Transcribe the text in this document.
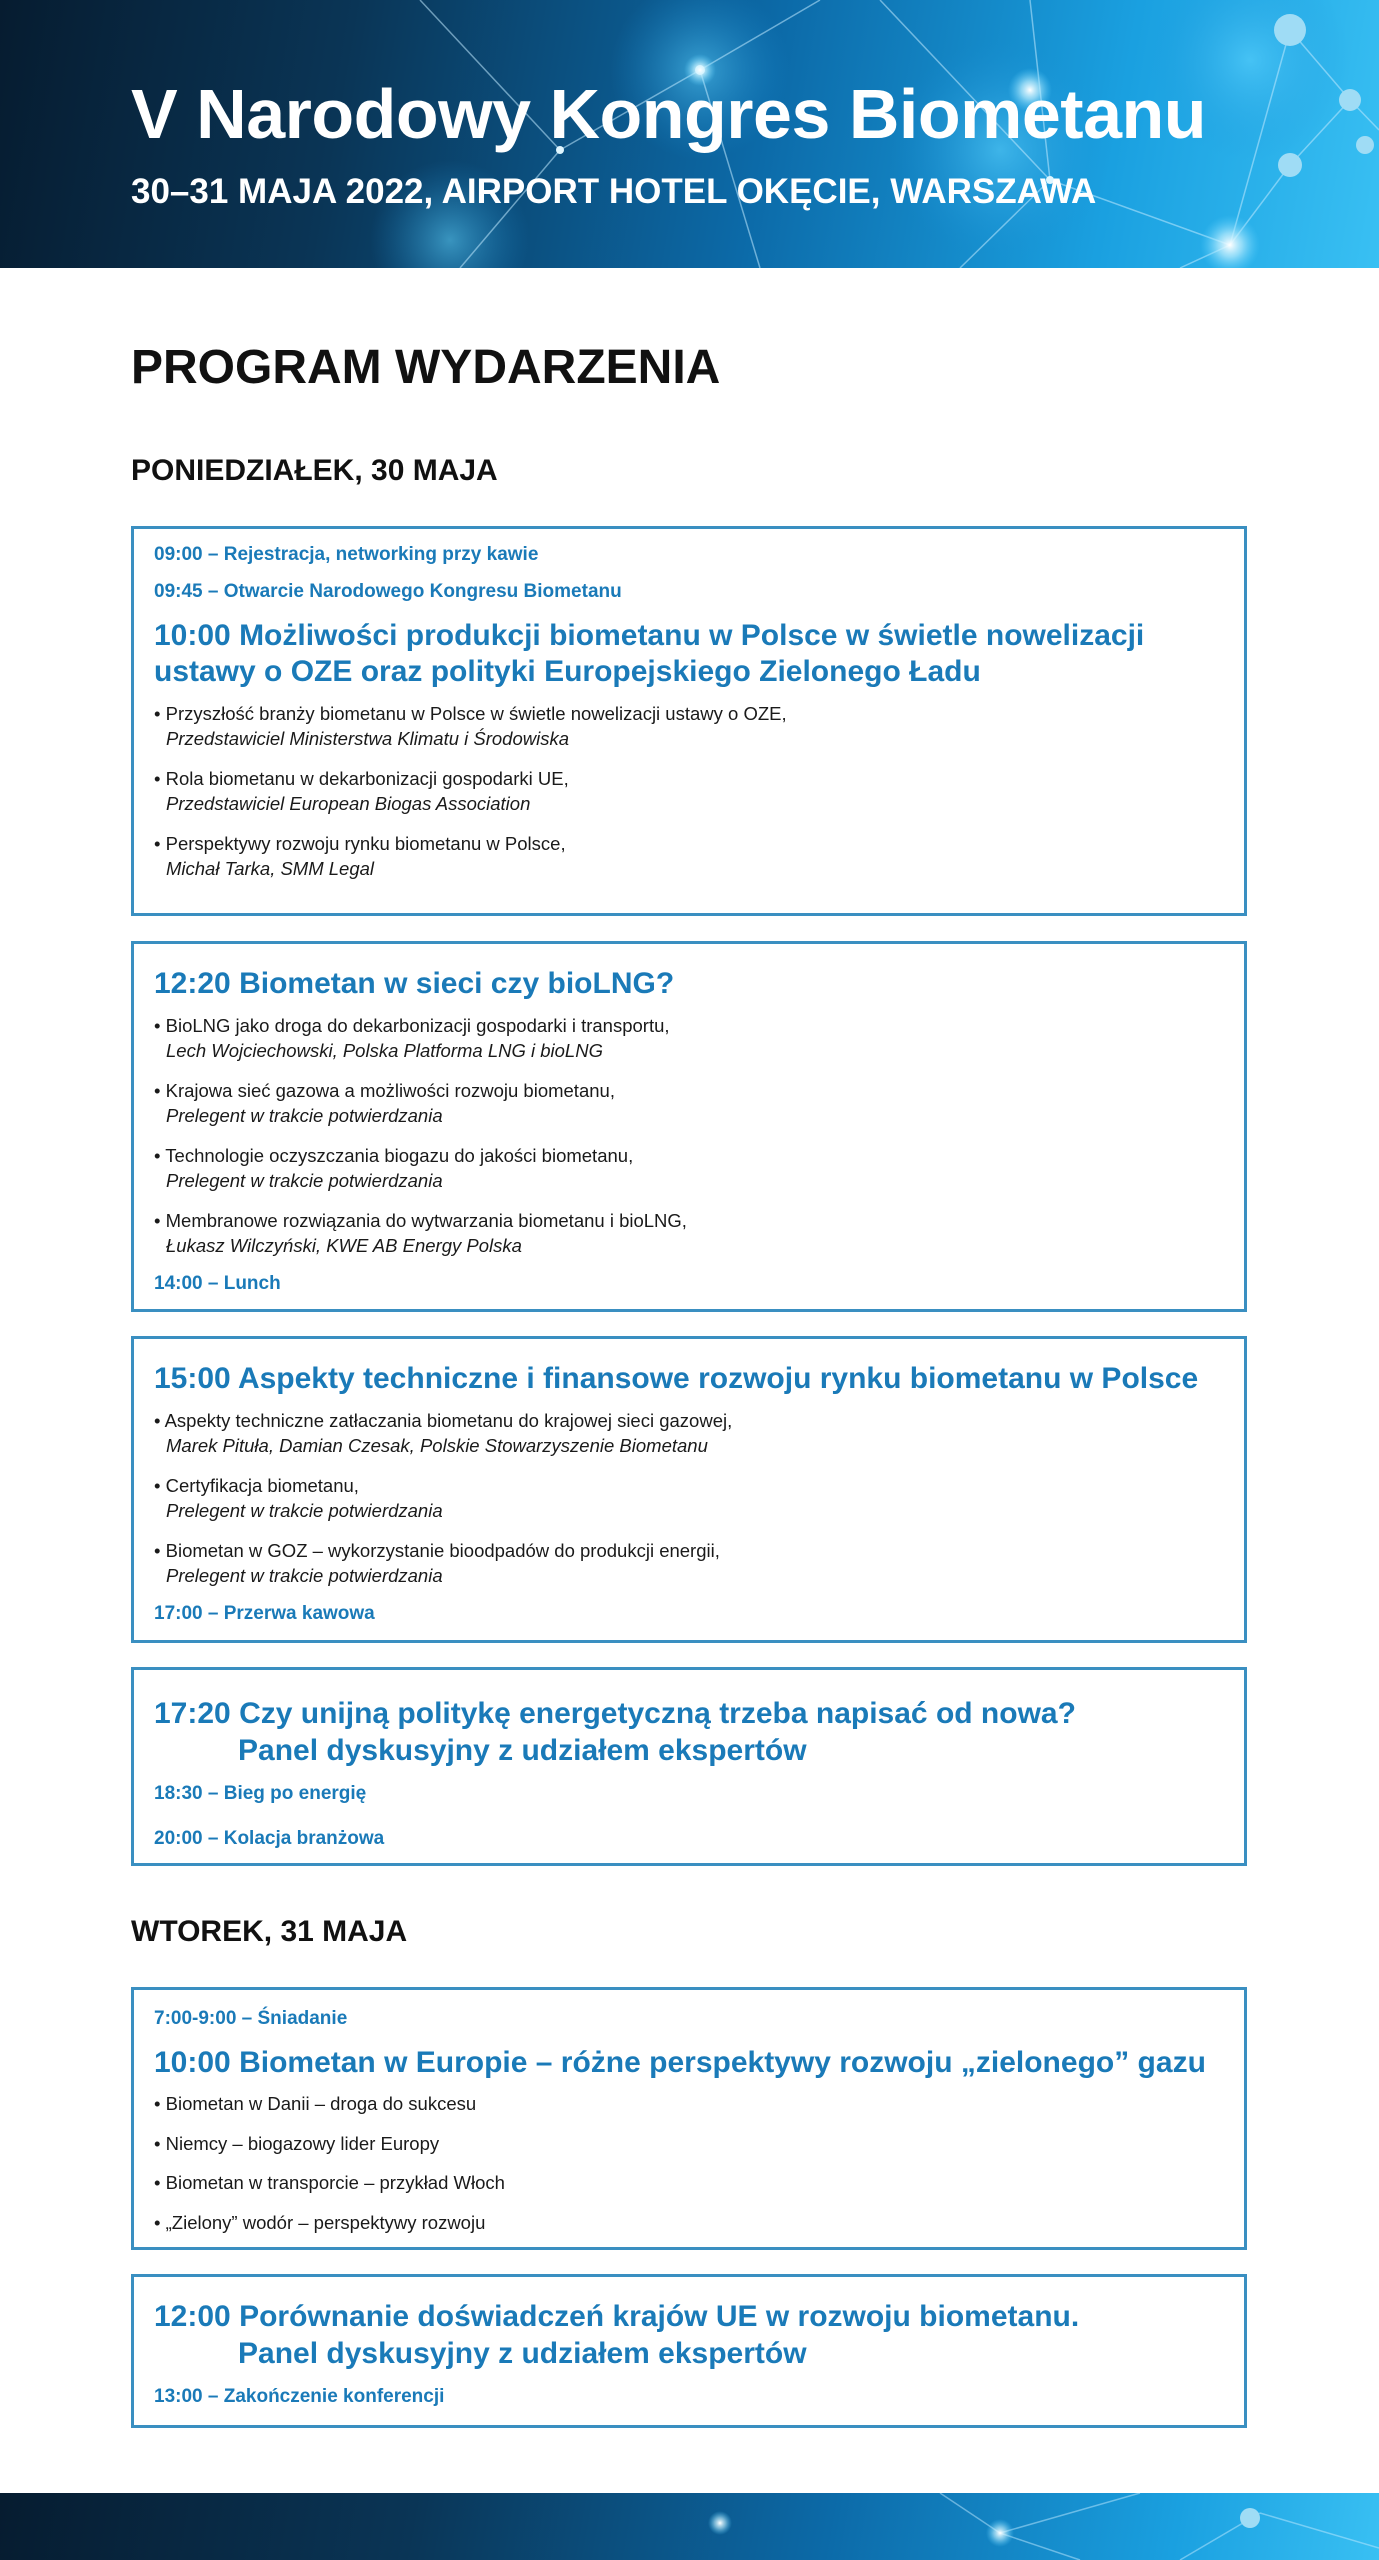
V Narodowy Kongres Biometanu
30–31 MAJA 2022, AIRPORT HOTEL OKĘCIE, WARSZAWA
PROGRAM WYDARZENIA
PONIEDZIAŁEK, 30 MAJA
09:00 – Rejestracja, networking przy kawie
09:45 – Otwarcie Narodowego Kongresu Biometanu
10:00 Możliwości produkcji biometanu w Polsce w świetle nowelizacji
ustawy o OZE oraz polityki Europejskiego Zielonego Ładu
• Przyszłość branży biometanu w Polsce w świetle nowelizacji ustawy o OZE,
Przedstawiciel Ministerstwa Klimatu i Środowiska
• Rola biometanu w dekarbonizacji gospodarki UE,
Przedstawiciel European Biogas Association
• Perspektywy rozwoju rynku biometanu w Polsce,
Michał Tarka, SMM Legal
12:20 Biometan w sieci czy bioLNG?
• BioLNG jako droga do dekarbonizacji gospodarki i transportu,
Lech Wojciechowski, Polska Platforma LNG i bioLNG
• Krajowa sieć gazowa a możliwości rozwoju biometanu,
Prelegent w trakcie potwierdzania
• Technologie oczyszczania biogazu do jakości biometanu,
Prelegent w trakcie potwierdzania
• Membranowe rozwiązania do wytwarzania biometanu i bioLNG,
Łukasz Wilczyński, KWE AB Energy Polska
14:00 – Lunch
15:00 Aspekty techniczne i finansowe rozwoju rynku biometanu w Polsce
• Aspekty techniczne zatłaczania biometanu do krajowej sieci gazowej,
Marek Pituła, Damian Czesak, Polskie Stowarzyszenie Biometanu
• Certyfikacja biometanu,
Prelegent w trakcie potwierdzania
• Biometan w GOZ – wykorzystanie bioodpadów do produkcji energii,
Prelegent w trakcie potwierdzania
17:00 – Przerwa kawowa
17:20 Czy unijną politykę energetyczną trzeba napisać od nowa?
Panel dyskusyjny z udziałem ekspertów
18:30 – Bieg po energię
20:00 – Kolacja branżowa
WTOREK, 31 MAJA
7:00-9:00 – Śniadanie
10:00 Biometan w Europie – różne perspektywy rozwoju „zielonego” gazu
• Biometan w Danii – droga do sukcesu
• Niemcy – biogazowy lider Europy
• Biometan w transporcie – przykład Włoch
• „Zielony” wodór – perspektywy rozwoju
12:00 Porównanie doświadczeń krajów UE w rozwoju biometanu.
Panel dyskusyjny z udziałem ekspertów
13:00 – Zakończenie konferencji
